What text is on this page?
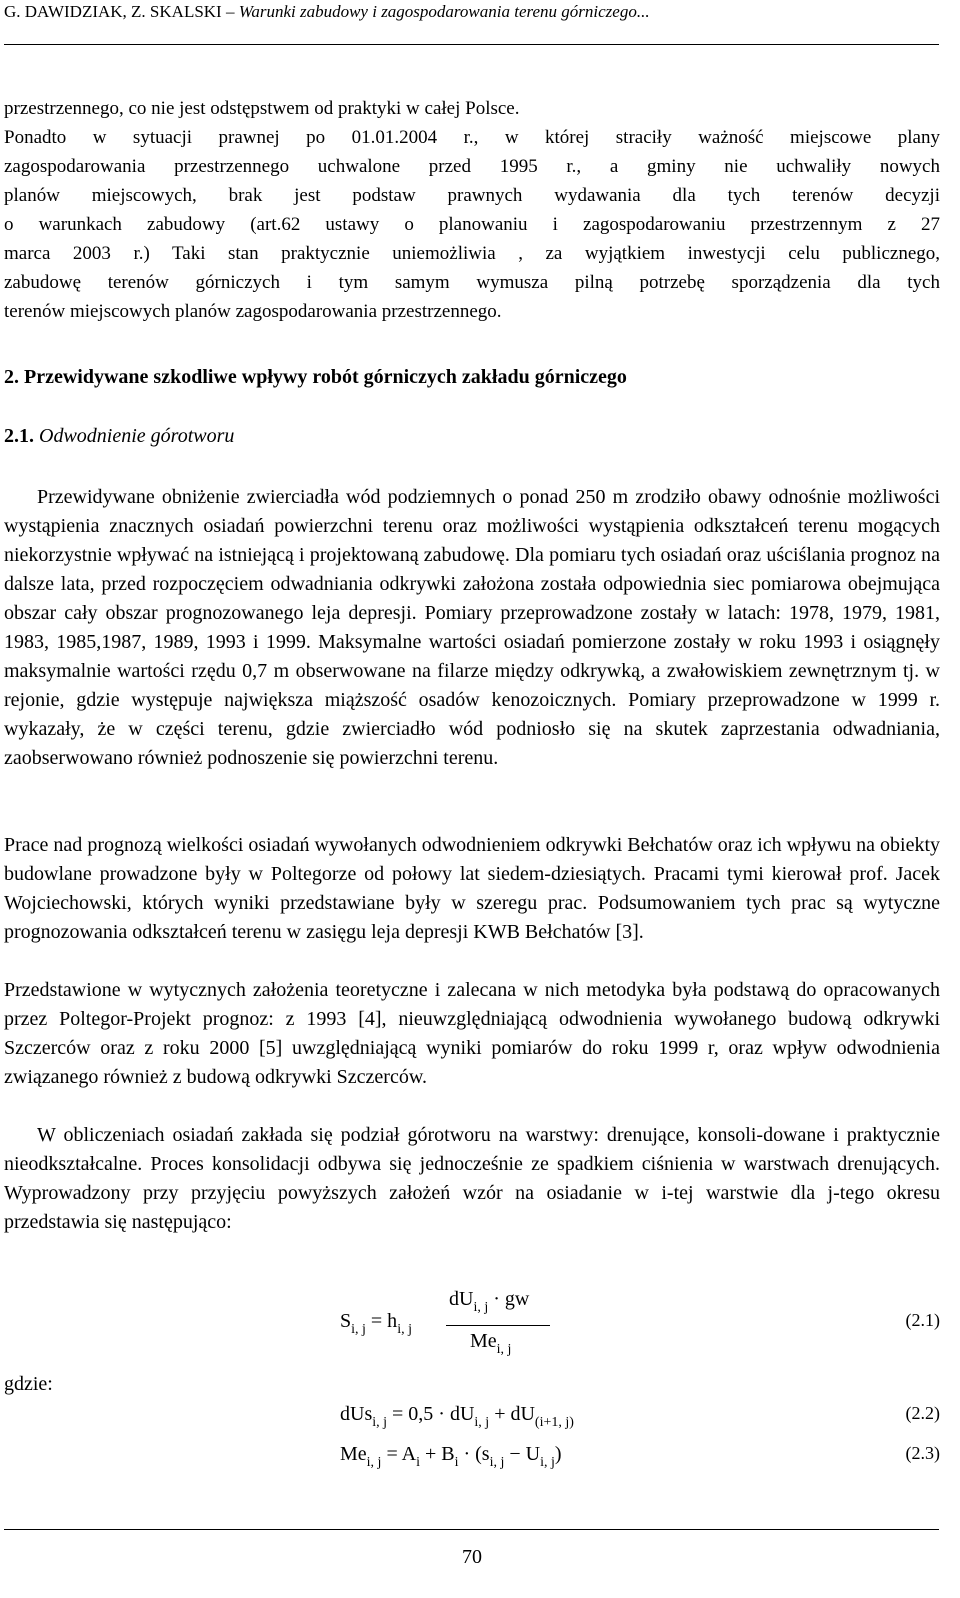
G. DAWIDZIAK, Z. SKALSKI – Warunki zabudowy i zagospodarowania terenu górniczego...
przestrzennego, co nie jest odstępstwem od praktyki w całej Polsce.
Ponadto w sytuacji prawnej po 01.01.2004 r., w której straciły ważność miejscowe plany
zagospodarowania przestrzennego uchwalone przed 1995 r., a gminy nie uchwaliły nowych
planów miejscowych, brak jest podstaw prawnych wydawania dla tych terenów decyzji
o warunkach zabudowy (art.62 ustawy o planowaniu i zagospodarowaniu przestrzennym z 27
marca 2003 r.) Taki stan praktycznie uniemożliwia , za wyjątkiem inwestycji celu publicznego,
zabudowę terenów górniczych i tym samym wymusza pilną potrzebę sporządzenia dla tych
terenów miejscowych planów zagospodarowania przestrzennego.
2. Przewidywane szkodliwe wpływy robót górniczych zakładu górniczego
2.1. Odwodnienie górotworu
Przewidywane obniżenie zwierciadła wód podziemnych o ponad 250 m zrodziło obawy odnośnie możliwości wystąpienia znacznych osiadań powierzchni terenu oraz możliwości wystąpienia odkształceń terenu mogących niekorzystnie wpływać na istniejącą i projektowaną zabudowę. Dla pomiaru tych osiadań oraz uściślania prognoz na dalsze lata, przed rozpoczęciem odwadniania odkrywki założona została odpowiednia siec pomiarowa obejmująca obszar cały obszar prognozowanego leja depresji. Pomiary przeprowadzone zostały w latach: 1978, 1979, 1981, 1983, 1985,1987, 1989, 1993 i 1999. Maksymalne wartości osiadań pomierzone zostały w roku 1993 i osiągnęły maksymalnie wartości rzędu 0,7 m obserwowane na filarze między odkrywką, a zwałowiskiem zewnętrznym tj. w rejonie, gdzie występuje największa miąższość osadów kenozoicznych. Pomiary przeprowadzone w 1999 r. wykazały, że w części terenu, gdzie zwierciadło wód podniosło się na skutek zaprzestania odwadniania, zaobserwowano również podnoszenie się powierzchni terenu.
Prace nad prognozą wielkości osiadań wywołanych odwodnieniem odkrywki Bełchatów oraz ich wpływu na obiekty budowlane prowadzone były w Poltegorze od połowy lat siedem-dziesiątych. Pracami tymi kierował prof. Jacek Wojciechowski, których wyniki przedstawiane były w szeregu prac. Podsumowaniem tych prac są wytyczne prognozowania odkształceń terenu w zasięgu leja depresji KWB Bełchatów [3].
Przedstawione w wytycznych założenia teoretyczne i zalecana w nich metodyka była podstawą do opracowanych przez Poltegor-Projekt prognoz: z 1993 [4], nieuwzględniającą odwodnienia wywołanego budową odkrywki Szczerców oraz z roku 2000 [5] uwzględniającą wyniki pomiarów do roku 1999 r, oraz wpływ odwodnienia związanego również z budową odkrywki Szczerców.
W obliczeniach osiadań zakłada się podział górotworu na warstwy: drenujące, konsoli-dowane i praktycznie nieodkształcalne. Proces konsolidacji odbywa się jednocześnie ze spadkiem ciśnienia w warstwach drenujących. Wyprowadzony przy przyjęciu powyższych założeń wzór na osiadanie w i-tej warstwie dla j-tego okresu przedstawia się następująco:
$S_{i, j} = h_{i, j}$
$dU_{i, j}$ · gw
$Me_{i, j}$
(2.1)
gdzie:
$dUs_{i, j} = 0,5 \cdot dU_{i, j} + dU_{(i+1, j)}$	(2.2)
$Me_{i, j} = A_i + B_i \cdot (s_{i, j} - U_{i, j})$	(2.3)
70
